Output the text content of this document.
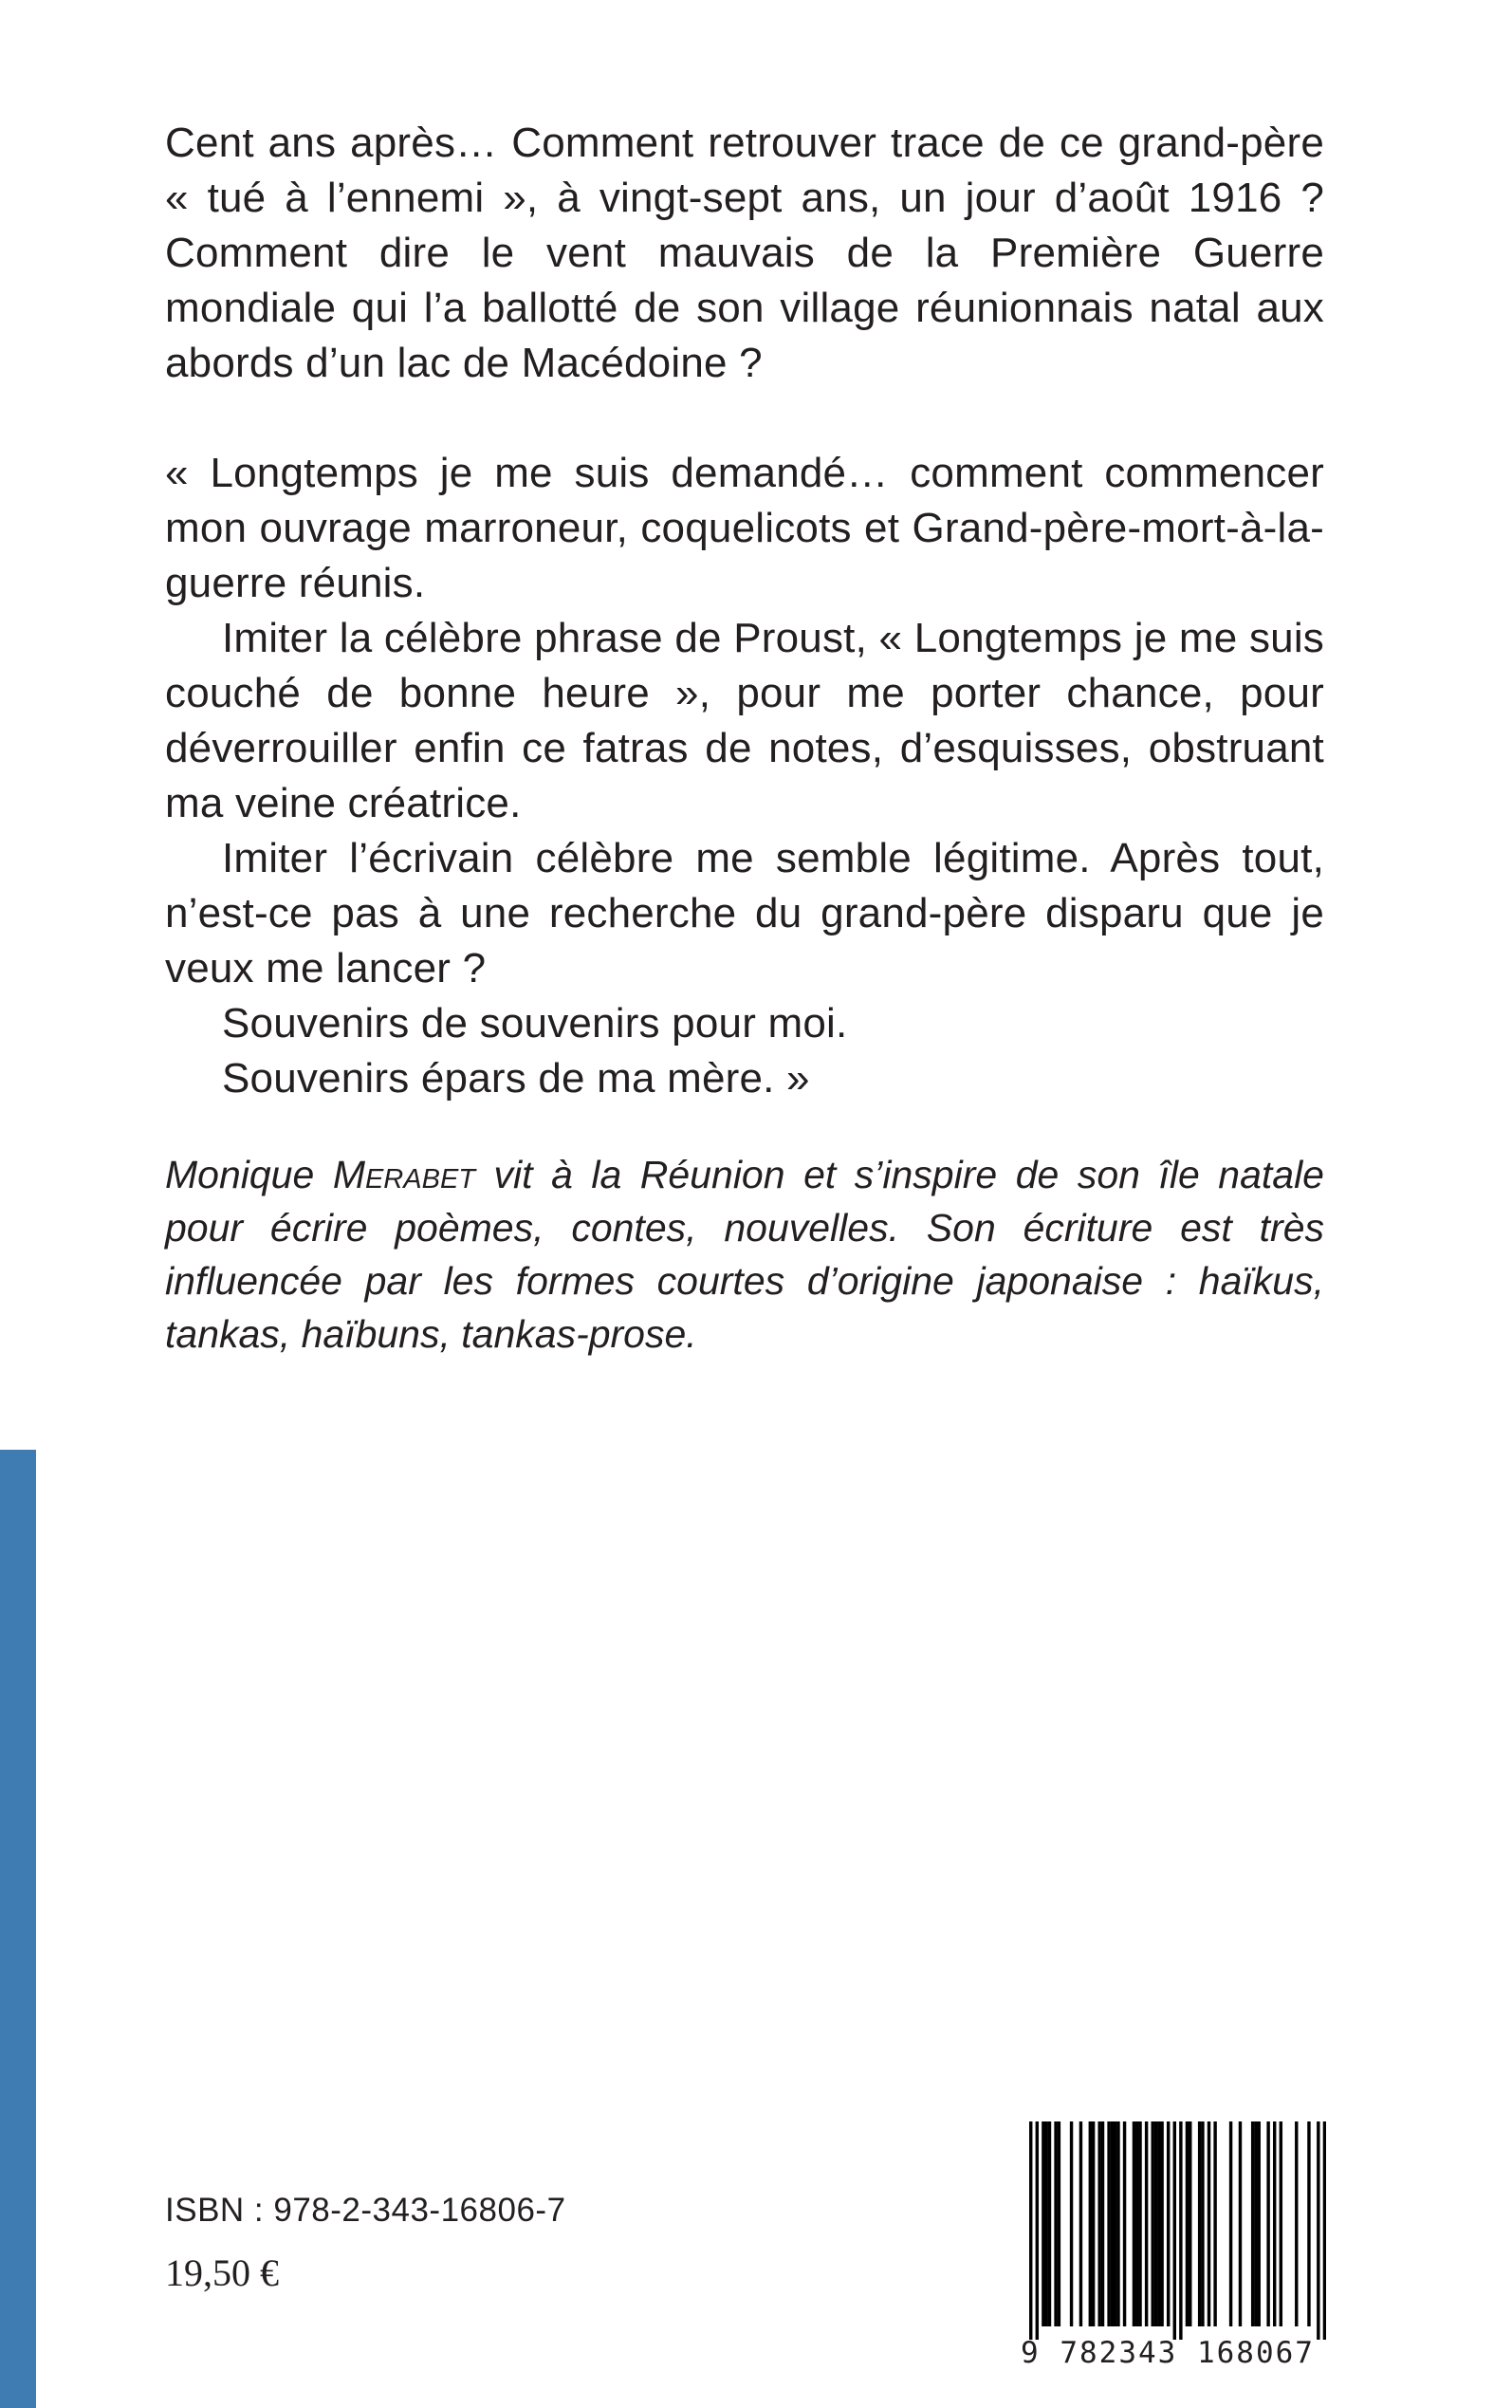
Cent ans après… Comment retrouver trace de ce grand-père « tué à l’ennemi », à vingt-sept ans, un jour d’août 1916 ? Comment dire le vent mauvais de la Première Guerre mondiale qui l’a ballotté de son village réunionnais natal aux abords d’un lac de Macédoine ?

« Longtemps je me suis demandé… comment commencer mon ouvrage marroneur, coquelicots et Grand-père-mort-à-la-guerre réunis.

Imiter la célèbre phrase de Proust, « Longtemps je me suis couché de bonne heure », pour me porter chance, pour déverrouiller enfin ce fatras de notes, d’esquisses, obstruant ma veine créatrice.

Imiter l’écrivain célèbre me semble légitime. Après tout, n’est-ce pas à une recherche du grand-père disparu que je veux me lancer ?

Souvenirs de souvenirs pour moi.

Souvenirs épars de ma mère. »

Monique Merabet vit à la Réunion et s’inspire de son île natale pour écrire poèmes, contes, nouvelles. Son écriture est très influencée par les formes courtes d’origine japonaise : haïkus, tankas, haïbuns, tankas-prose.

ISBN : 978-2-343-16806-7
19,50 €
9 782343 168067
